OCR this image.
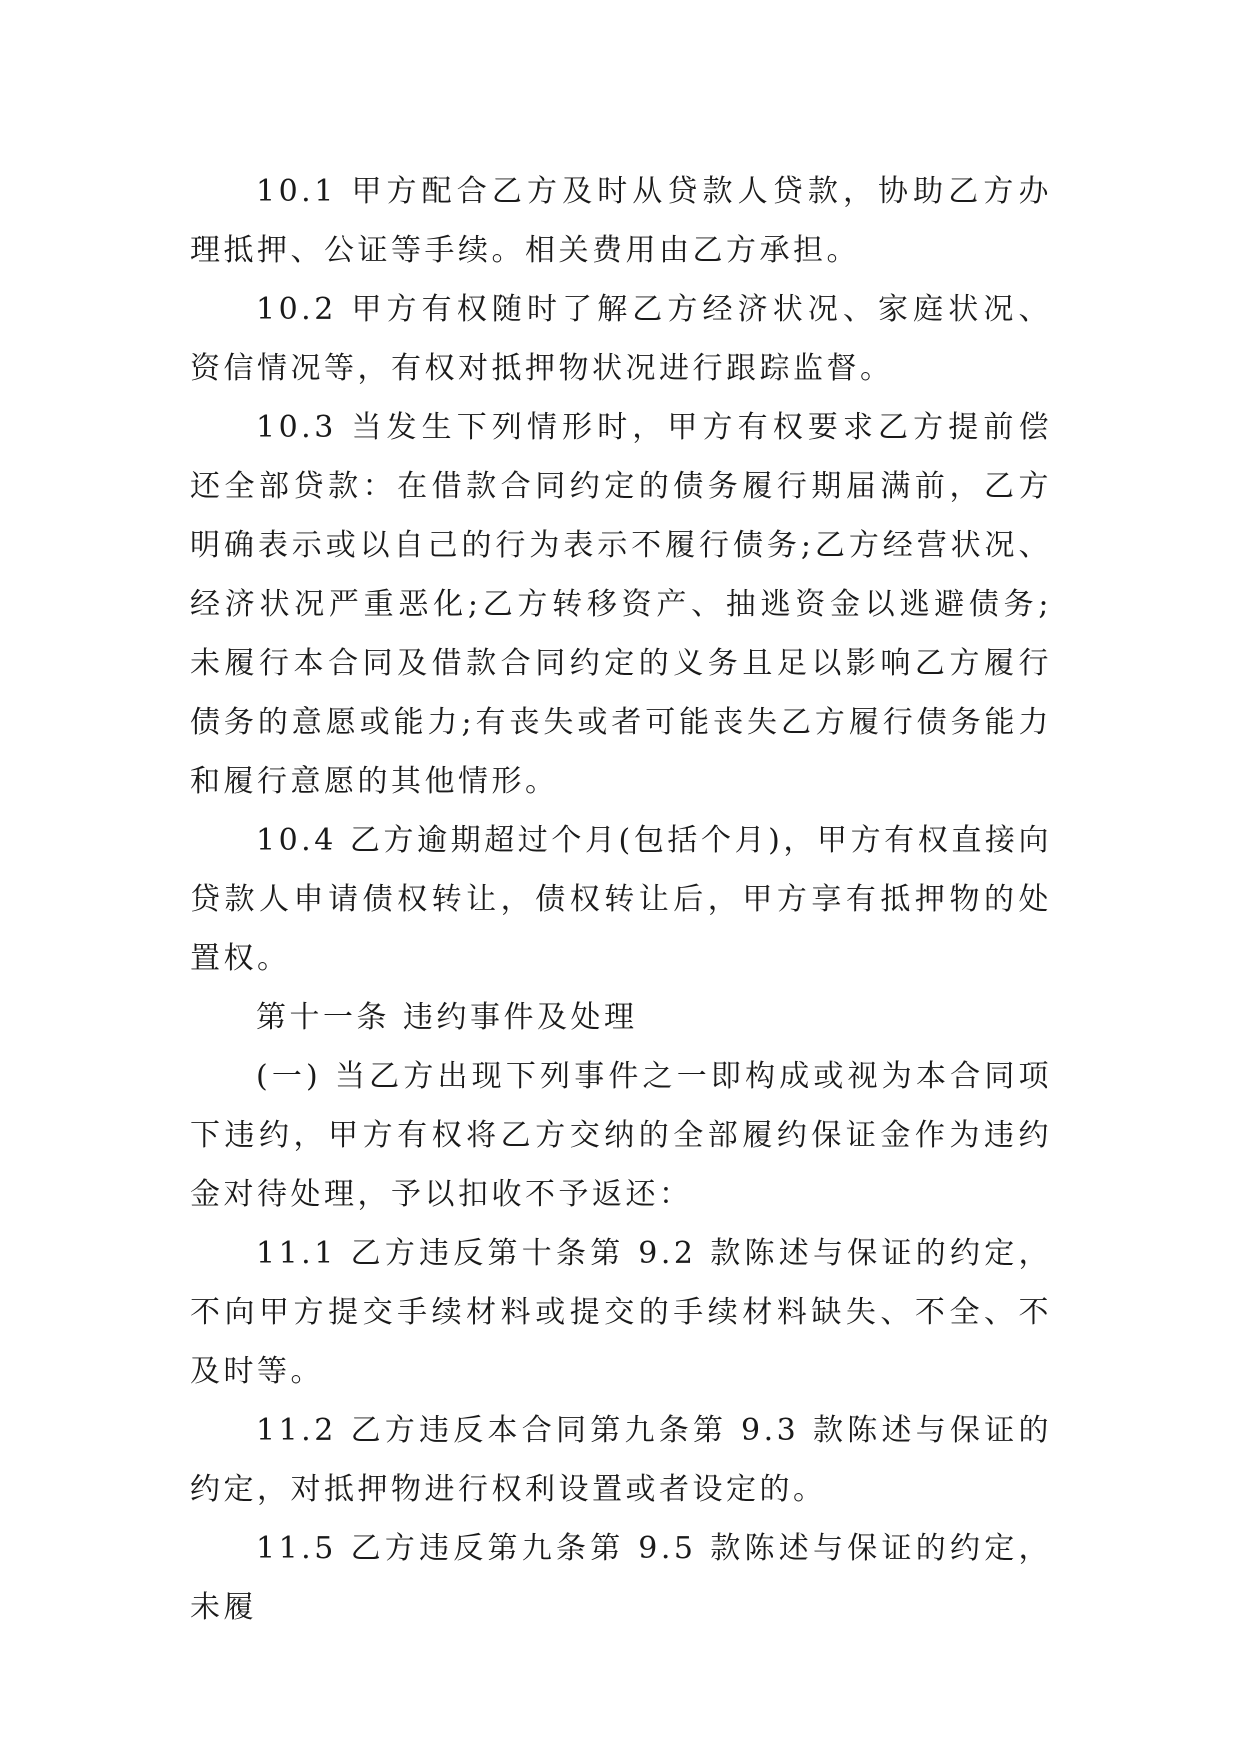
10.1 甲方配合乙方及时从贷款人贷款，协助乙方办理抵押、公证等手续。相关费用由乙方承担。

10.2 甲方有权随时了解乙方经济状况、家庭状况、资信情况等，有权对抵押物状况进行跟踪监督。

10.3 当发生下列情形时，甲方有权要求乙方提前偿还全部贷款：在借款合同约定的债务履行期届满前，乙方明确表示或以自己的行为表示不履行债务;乙方经营状况、经济状况严重恶化;乙方转移资产、抽逃资金以逃避债务;未履行本合同及借款合同约定的义务且足以影响乙方履行债务的意愿或能力;有丧失或者可能丧失乙方履行债务能力和履行意愿的其他情形。

10.4 乙方逾期超过个月(包括个月)，甲方有权直接向贷款人申请债权转让，债权转让后，甲方享有抵押物的处置权。

第十一条 违约事件及处理

(一) 当乙方出现下列事件之一即构成或视为本合同项下违约，甲方有权将乙方交纳的全部履约保证金作为违约金对待处理，予以扣收不予返还：

11.1 乙方违反第十条第 9.2 款陈述与保证的约定，不向甲方提交手续材料或提交的手续材料缺失、不全、不及时等。

11.2 乙方违反本合同第九条第 9.3 款陈述与保证的约定，对抵押物进行权利设置或者设定的。

11.5 乙方违反第九条第 9.5 款陈述与保证的约定，未履
